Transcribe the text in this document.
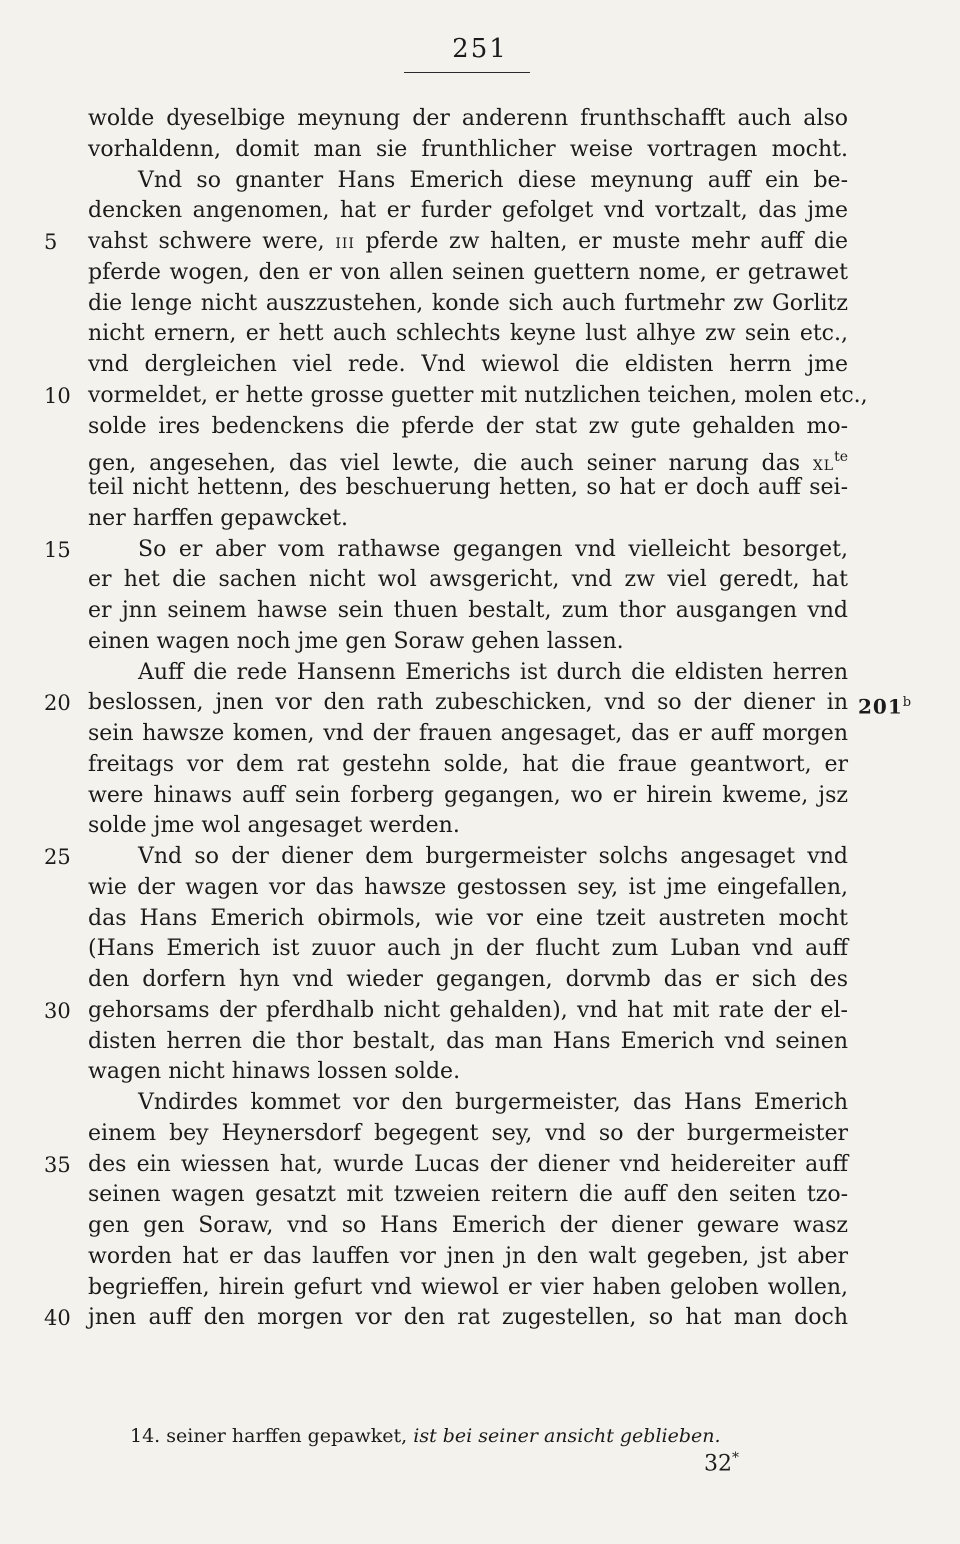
251
wolde dyeselbige meynung der anderenn frunthschafft auch also
vorhaldenn, domit man sie frunthlicher weise vortragen mocht.
Vnd so gnanter Hans Emerich diese meynung auff ein be-
dencken angenomen, hat er furder gefolget vnd vortzalt, das jme
5	vahst schwere were, III pferde zw halten, er muste mehr auff die
pferde wogen, den er von allen seinen guettern nome, er getrawet
die lenge nicht auszzustehen, konde sich auch furtmehr zw Gorlitz
nicht ernern, er hett auch schlechts keyne lust alhye zw sein etc.,
vnd dergleichen viel rede. Vnd wiewol die eldisten herrn jme
10 vormeldet, er hette grosse guetter mit nutzlichen teichen, molen etc.,
solde ires bedenckens die pferde der stat zw gute gehalden mo-
gen, angesehen, das viel lewte, die auch seiner narung das $XL^{te}$
teil nicht hettenn, des beschuerung hetten, so hat er doch auff sei-
ner harffen gepawcket.
15	So er aber vom rathawse gegangen vnd vielleicht besorget,
er het die sachen nicht wol awsgericht, vnd zw viel geredt, hat
er jnn seinem hawse sein thuen bestalt, zum thor ausgangen vnd
einen wagen noch jme gen Soraw gehen lassen.
Auff die rede Hansenn Emerichs ist durch die eldisten herren
20 beslossen, jnen vor den rath zubeschicken, vnd so der diener in 201$^b$
sein hawsze komen, vnd der frauen angesaget, das er auff morgen
freitags vor dem rat gestehn solde, hat die fraue geantwort, er
were hinaws auff sein forberg gegangen, wo er hirein kweme, jsz
solde jme wol angesaget werden.
25	Vnd so der diener dem burgermeister solchs angesaget vnd
wie der wagen vor das hawsze gestossen sey, ist jme eingefallen,
das Hans Emerich obirmols, wie vor eine tzeit austreten mocht
(Hans Emerich ist zuuor auch jn der flucht zum Luban vnd auff
den dorfern hyn vnd wieder gegangen, dorvmb das er sich des
30 gehorsams der pferdhalb nicht gehalden), vnd hat mit rate der el-
disten herren die thor bestalt, das man Hans Emerich vnd seinen
wagen nicht hinaws lossen solde.
Vndirdes kommet vor den burgermeister, das Hans Emerich
einem bey Heynersdorf begegent sey, vnd so der burgermeister
35 des ein wiessen hat, wurde Lucas der diener vnd heidereiter auff
seinen wagen gesatzt mit tzweien reitern die auff den seiten tzo-
gen gen Soraw, vnd so Hans Emerich der diener geware wasz
worden hat er das lauffen vor jnen jn den walt gegeben, jst aber
begrieffen, hirein gefurt vnd wiewol er vier haben geloben wollen,
40 jnen auff den morgen vor den rat zugestellen, so hat man doch
14. seiner harffen gepawket, ist bei seiner ansicht geblieben.
32*
